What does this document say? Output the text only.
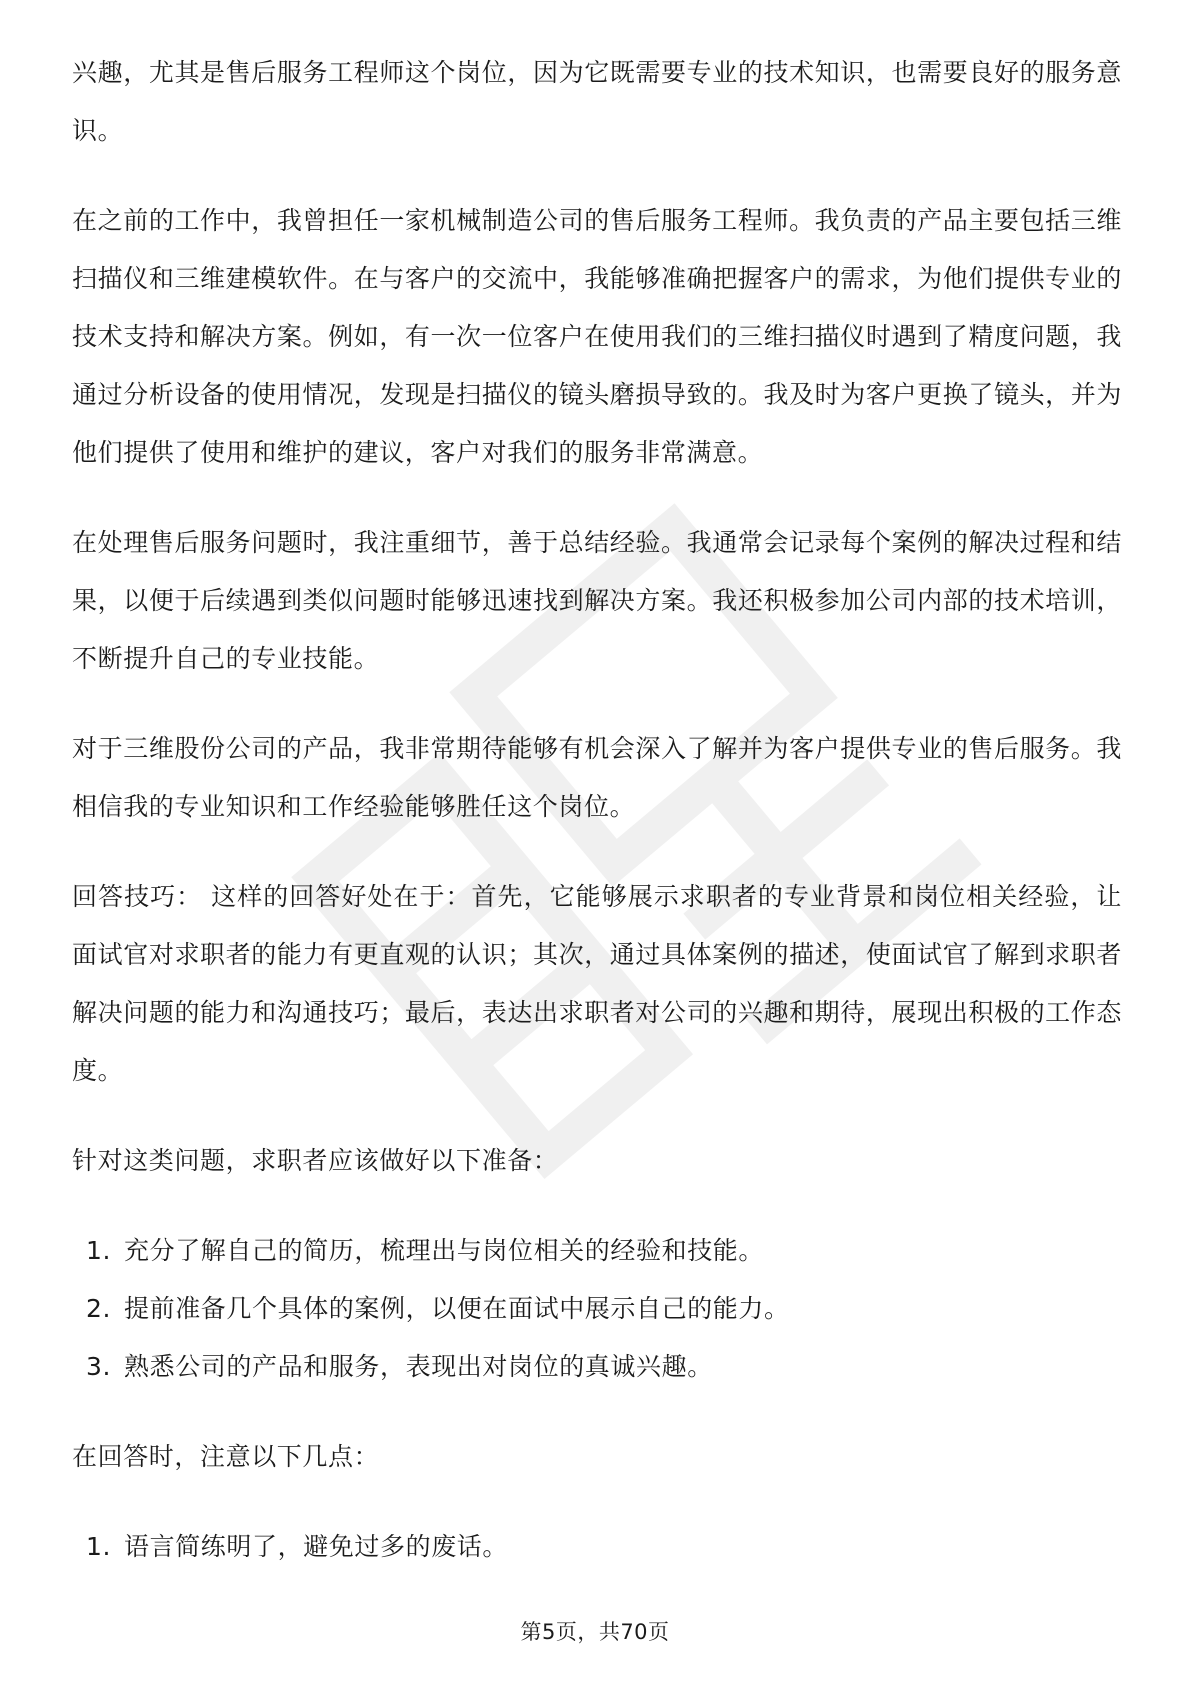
兴趣，尤其是售后服务工程师这个岗位，因为它既需要专业的技术知识，也需要良好的服务意识。

在之前的工作中，我曾担任一家机械制造公司的售后服务工程师。我负责的产品主要包括三维扫描仪和三维建模软件。在与客户的交流中，我能够准确把握客户的需求，为他们提供专业的技术支持和解决方案。例如，有一次一位客户在使用我们的三维扫描仪时遇到了精度问题，我通过分析设备的使用情况，发现是扫描仪的镜头磨损导致的。我及时为客户更换了镜头，并为他们提供了使用和维护的建议，客户对我们的服务非常满意。

在处理售后服务问题时，我注重细节，善于总结经验。我通常会记录每个案例的解决过程和结果，以便于后续遇到类似问题时能够迅速找到解决方案。我还积极参加公司内部的技术培训，不断提升自己的专业技能。

对于三维股份公司的产品，我非常期待能够有机会深入了解并为客户提供专业的售后服务。我相信我的专业知识和工作经验能够胜任这个岗位。

回答技巧： 这样的回答好处在于：首先，它能够展示求职者的专业背景和岗位相关经验，让面试官对求职者的能力有更直观的认识；其次，通过具体案例的描述，使面试官了解到求职者解决问题的能力和沟通技巧；最后，表达出求职者对公司的兴趣和期待，展现出积极的工作态度。

针对这类问题，求职者应该做好以下准备：

1. 充分了解自己的简历，梳理出与岗位相关的经验和技能。
2. 提前准备几个具体的案例，以便在面试中展示自己的能力。
3. 熟悉公司的产品和服务，表现出对岗位的真诚兴趣。

在回答时，注意以下几点：

1. 语言简练明了，避免过多的废话。
第5页，共70页
